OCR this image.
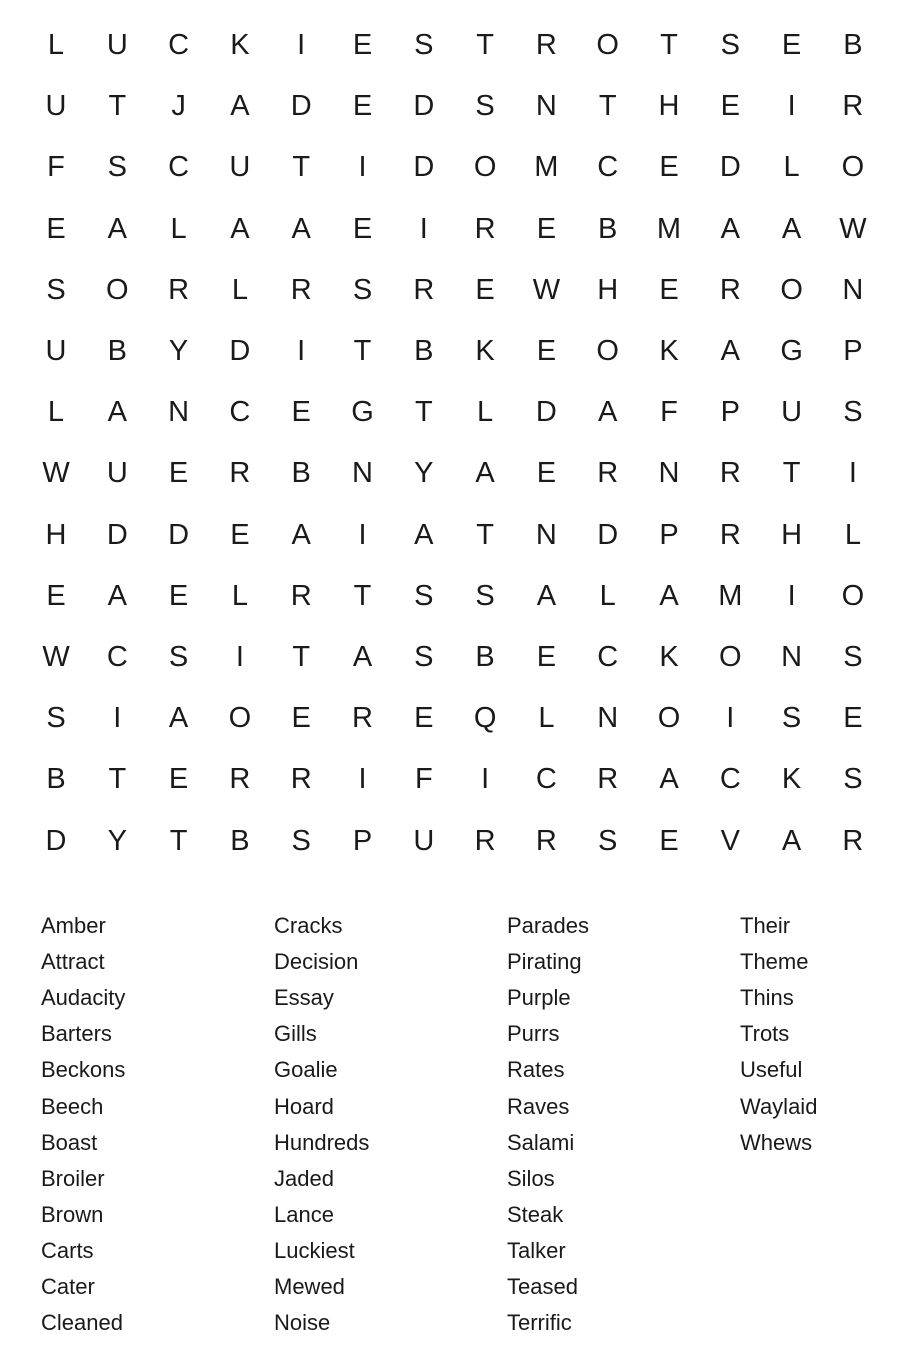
L	U	C	K	I	E	S	T	R	O	T	S	E	B
U	T	J	A	D	E	D	S	N	T	H	E	I	R
F	S	C	U	T	I	D	O	M	C	E	D	L	O
E	A	L	A	A	E	I	R	E	B	M	A	A	W
S	O	R	L	R	S	R	E	W	H	E	R	O	N
U	B	Y	D	I	T	B	K	E	O	K	A	G	P
L	A	N	C	E	G	T	L	D	A	F	P	U	S
W	U	E	R	B	N	Y	A	E	R	N	R	T	I
H	D	D	E	A	I	A	T	N	D	P	R	H	L
E	A	E	L	R	T	S	S	A	L	A	M	I	O
W	C	S	I	T	A	S	B	E	C	K	O	N	S
S	I	A	O	E	R	E	Q	L	N	O	I	S	E
B	T	E	R	R	I	F	I	C	R	A	C	K	S
D	Y	T	B	S	P	U	R	R	S	E	V	A	R
Amber
Attract
Audacity
Barters
Beckons
Beech
Boast
Broiler
Brown
Carts
Cater
Cleaned
Cracks
Decision
Essay
Gills
Goalie
Hoard
Hundreds
Jaded
Lance
Luckiest
Mewed
Noise
Parades
Pirating
Purple
Purrs
Rates
Raves
Salami
Silos
Steak
Talker
Teased
Terrific
Their
Theme
Thins
Trots
Useful
Waylaid
Whews
